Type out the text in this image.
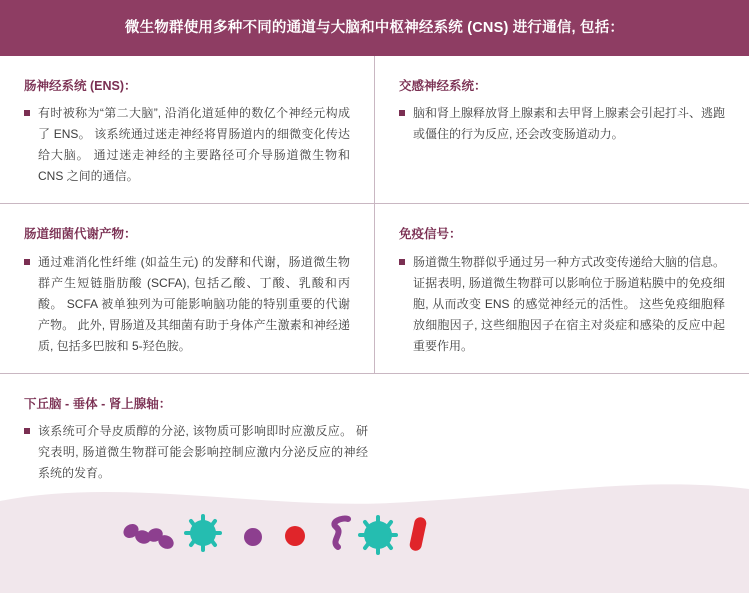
微生物群使用多种不同的通道与大脑和中枢神经系统 (CNS) 进行通信, 包括：
肠神经系统 (ENS)：
有时被称为“第二大脑”, 沿消化道延伸的数亿个神经元构成了 ENS。 该系统通过迷走神经将胃肠道内的细微变化传达给大脑。 通过迷走神经的主要路径可介导肠道微生物和 CNS 之间的通信。
交感神经系统：
脑和肾上腺释放肾上腺素和去甲肾上腺素会引起打斗、逃跑或僵住的行为反应, 还会改变肠道动力。
肠道细菌代谢产物：
通过难消化性纤维 (如益生元) 的发酵和代谢，肠道微生物群产生短链脂肪酸 (SCFA), 包括乙酸、丁酸、乳酸和丙酸。 SCFA 被单独列为可能影响脑功能的特别重要的代谢产物。 此外, 胃肠道及其细菌有助于身体产生激素和神经递质, 包括多巴胺和 5-羟色胺。
免疫信号：
肠道微生物群似乎通过另一种方式改变传递给大脑的信息。 证据表明, 肠道微生物群可以影响位于肠道粘膜中的免疫细胞, 从而改变 ENS 的感觉神经元的活性。 这些免疫细胞释放细胞因子, 这些细胞因子在宿主对炎症和感染的反应中起重要作用。
下丘脑 - 垂体 - 肾上腺轴：
该系统可介导皮质醇的分泌, 该物质可影响即时应激反应。 研究表明, 肠道微生物群可能会影响控制应激内分泌反应的神经系统的发育。
